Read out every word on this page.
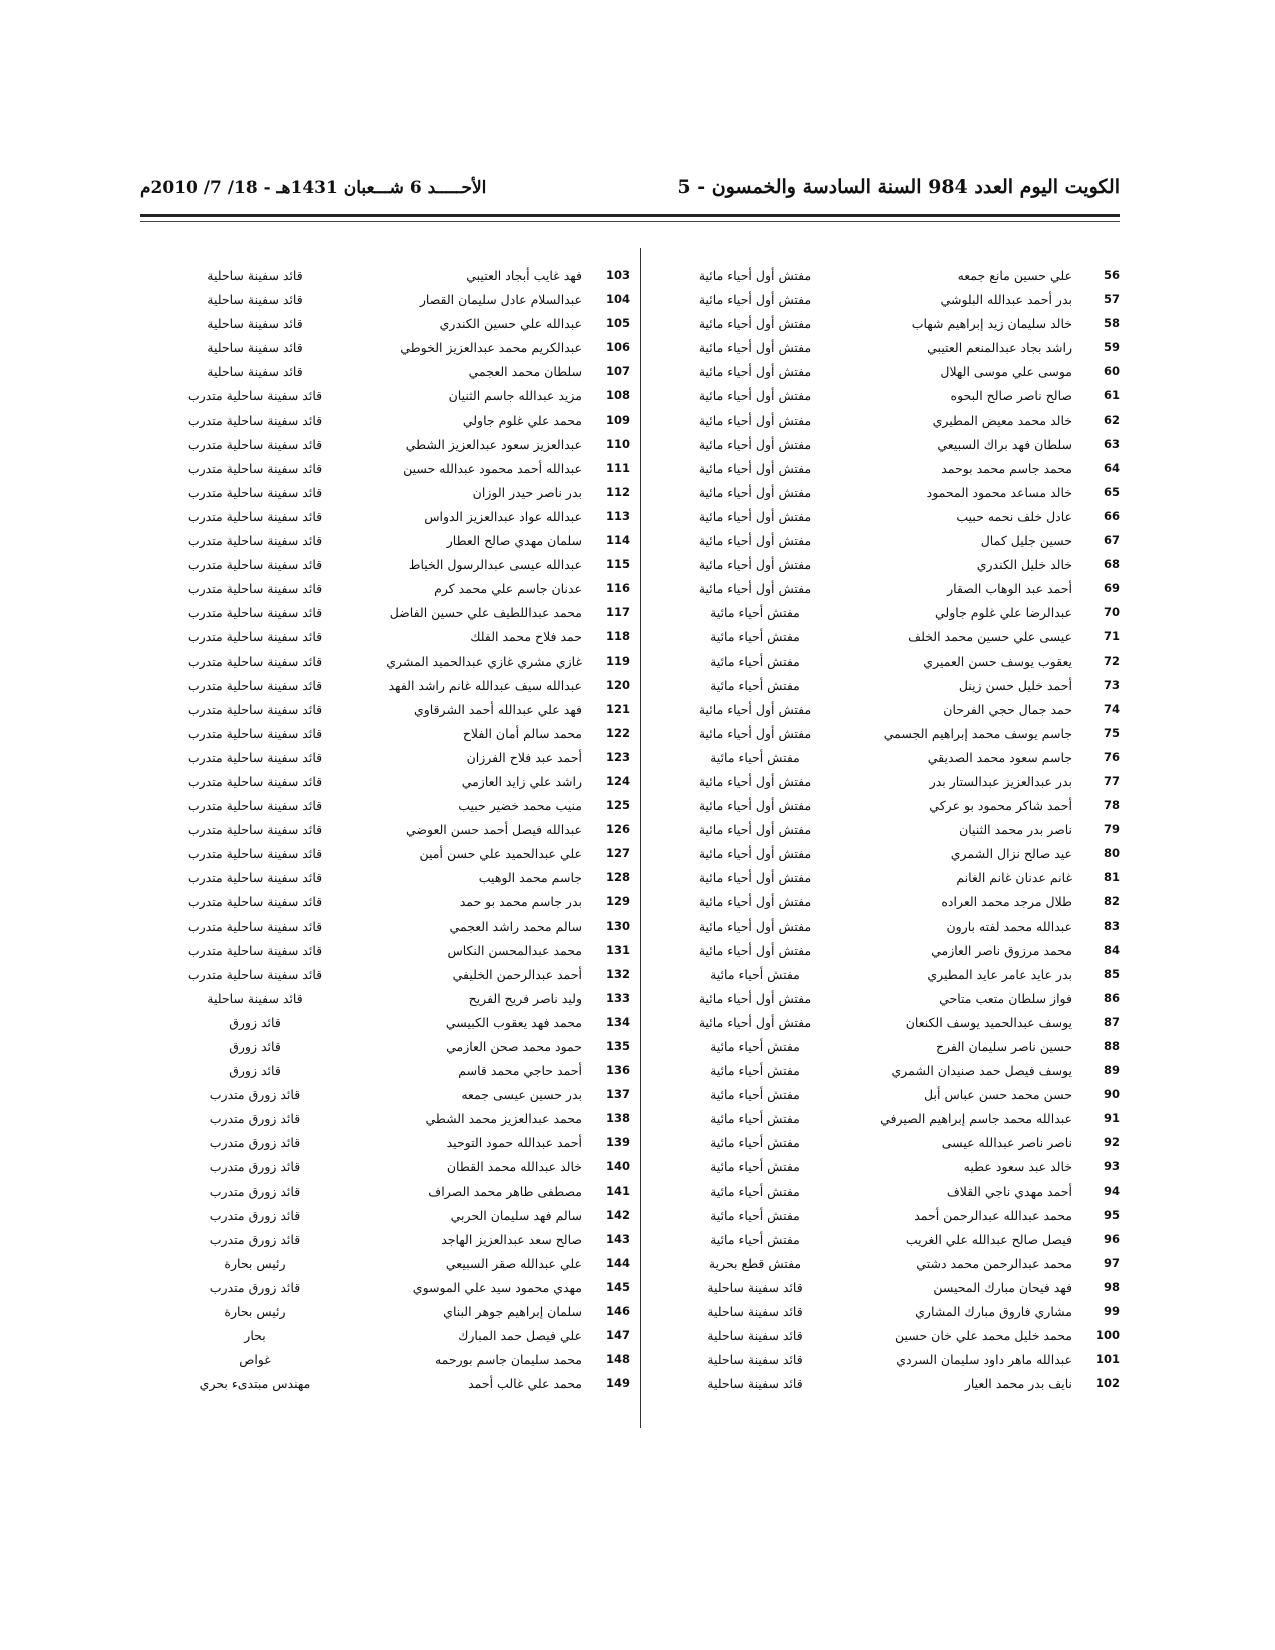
الكويت اليوم العدد 984 السنة السادسة والخمسون - 5
الأحـــــد 6 شـــعبان 1431هـ - 18/ 7/ 2010م
56
علي حسين مانع جمعه
مفتش أول أحياء مائية
57
بدر أحمد عبدالله البلوشي
مفتش أول أحياء مائية
58
خالد سليمان زيد إبراهيم شهاب
مفتش أول أحياء مائية
59
راشد بجاد عبدالمنعم العتيبي
مفتش أول أحياء مائية
60
موسى علي موسى الهلال
مفتش أول أحياء مائية
61
صالح ناصر صالح البحوه
مفتش أول أحياء مائية
62
خالد محمد معيض المطيري
مفتش أول أحياء مائية
63
سلطان فهد براك السبيعي
مفتش أول أحياء مائية
64
محمد جاسم محمد بوحمد
مفتش أول أحياء مائية
65
خالد مساعد محمود المحمود
مفتش أول أحياء مائية
66
عادل خلف نحمه حبيب
مفتش أول أحياء مائية
67
حسين جليل كمال
مفتش أول أحياء مائية
68
خالد خليل الكندري
مفتش أول أحياء مائية
69
أحمد عبد الوهاب الصقار
مفتش أول أحياء مائية
70
عبدالرضا علي غلوم جاولي
مفتش أحياء مائية
71
عيسى علي حسين محمد الخلف
مفتش أحياء مائية
72
يعقوب يوسف حسن العميري
مفتش أحياء مائية
73
أحمد خليل حسن زينل
مفتش أحياء مائية
74
حمد جمال حجي الفرحان
مفتش أول أحياء مائية
75
جاسم يوسف محمد إبراهيم الجسمي
مفتش أول أحياء مائية
76
جاسم سعود محمد الصديقي
مفتش أحياء مائية
77
بدر عبدالعزيز عبدالستار بدر
مفتش أول أحياء مائية
78
أحمد شاكر محمود بو عركي
مفتش أول أحياء مائية
79
ناصر بدر محمد الثنيان
مفتش أول أحياء مائية
80
عيد صالح نزال الشمري
مفتش أول أحياء مائية
81
غانم عدنان غانم الغانم
مفتش أول أحياء مائية
82
طلال مرجد محمد العراده
مفتش أول أحياء مائية
83
عبدالله محمد لفته بارون
مفتش أول أحياء مائية
84
محمد مرزوق ناصر العازمي
مفتش أول أحياء مائية
85
بدر عايد عامر عايد المطيري
مفتش أحياء مائية
86
فواز سلطان متعب متاحي
مفتش أول أحياء مائية
87
يوسف عبدالحميد يوسف الكنعان
مفتش أول أحياء مائية
88
حسين ناصر سليمان الفرج
مفتش أحياء مائية
89
يوسف فيصل حمد صنيدان الشمري
مفتش أحياء مائية
90
حسن محمد حسن عباس أبل
مفتش أحياء مائية
91
عبدالله محمد جاسم إبراهيم الصيرفي
مفتش أحياء مائية
92
ناصر ناصر عبدالله عيسى
مفتش أحياء مائية
93
خالد عبد سعود عطيه
مفتش أحياء مائية
94
أحمد مهدي ناجي القلاف
مفتش أحياء مائية
95
محمد عبدالله عبدالرحمن أحمد
مفتش أحياء مائية
96
فيصل صالح عبدالله علي الغريب
مفتش أحياء مائية
97
محمد عبدالرحمن محمد دشتي
مفتش قطع بحرية
98
فهد فيحان مبارك المحيسن
قائد سفينة ساحلية
99
مشاري فاروق مبارك المشاري
قائد سفينة ساحلية
100
محمد خليل محمد علي خان حسين
قائد سفينة ساحلية
101
عبدالله ماهر داود سليمان السردي
قائد سفينة ساحلية
102
نايف بدر محمد العيار
قائد سفينة ساحلية
103
فهد غايب أبجاد العتيبي
قائد سفينة ساحلية
104
عبدالسلام عادل سليمان القصار
قائد سفينة ساحلية
105
عبدالله علي حسين الكندري
قائد سفينة ساحلية
106
عبدالكريم محمد عبدالعزيز الخوطي
قائد سفينة ساحلية
107
سلطان محمد العجمي
قائد سفينة ساحلية
108
مزيد عبدالله جاسم الثنيان
قائد سفينة ساحلية متدرب
109
محمد علي غلوم جاولي
قائد سفينة ساحلية متدرب
110
عبدالعزيز سعود عبدالعزيز الشطي
قائد سفينة ساحلية متدرب
111
عبدالله أحمد محمود عبدالله حسين
قائد سفينة ساحلية متدرب
112
بدر ناصر حيدر الوزان
قائد سفينة ساحلية متدرب
113
عبدالله عواد عبدالعزيز الدواس
قائد سفينة ساحلية متدرب
114
سلمان مهدي صالح العطار
قائد سفينة ساحلية متدرب
115
عبدالله عيسى عبدالرسول الخياط
قائد سفينة ساحلية متدرب
116
عدنان جاسم علي محمد كرم
قائد سفينة ساحلية متدرب
117
محمد عبداللطيف علي حسين الفاضل
قائد سفينة ساحلية متدرب
118
حمد فلاح محمد الفلك
قائد سفينة ساحلية متدرب
119
غازي مشري غازي عبدالحميد المشري
قائد سفينة ساحلية متدرب
120
عبدالله سيف عبدالله غانم راشد الفهد
قائد سفينة ساحلية متدرب
121
فهد علي عبدالله أحمد الشرقاوي
قائد سفينة ساحلية متدرب
122
محمد سالم أمان الفلاح
قائد سفينة ساحلية متدرب
123
أحمد عبد فلاح الفرزان
قائد سفينة ساحلية متدرب
124
راشد علي زايد العازمي
قائد سفينة ساحلية متدرب
125
منيب محمد خضير حبيب
قائد سفينة ساحلية متدرب
126
عبدالله فيصل أحمد حسن العوضي
قائد سفينة ساحلية متدرب
127
علي عبدالحميد علي حسن أمين
قائد سفينة ساحلية متدرب
128
جاسم محمد الوهيب
قائد سفينة ساحلية متدرب
129
بدر جاسم محمد بو حمد
قائد سفينة ساحلية متدرب
130
سالم محمد راشد العجمي
قائد سفينة ساحلية متدرب
131
محمد عبدالمحسن النكاس
قائد سفينة ساحلية متدرب
132
أحمد عبدالرحمن الخليفي
قائد سفينة ساحلية متدرب
133
وليد ناصر فريح الفريح
قائد سفينة ساحلية
134
محمد فهد يعقوب الكبيسي
قائد زورق
135
حمود محمد صحن العازمي
قائد زورق
136
أحمد حاجي محمد قاسم
قائد زورق
137
بدر حسين عيسى جمعه
قائد زورق متدرب
138
محمد عبدالعزيز محمد الشطي
قائد زورق متدرب
139
أحمد عبدالله حمود التوحيد
قائد زورق متدرب
140
خالد عبدالله محمد القطان
قائد زورق متدرب
141
مصطفى طاهر محمد الصراف
قائد زورق متدرب
142
سالم فهد سليمان الحربي
قائد زورق متدرب
143
صالح سعد عبدالعزيز الهاجد
قائد زورق متدرب
144
علي عبدالله صقر السبيعي
رئيس بحارة
145
مهدي محمود سيد علي الموسوي
قائد زورق متدرب
146
سلمان إبراهيم جوهر البناي
رئيس بحارة
147
علي فيصل حمد المبارك
بحار
148
محمد سليمان جاسم بورحمه
غواص
149
محمد علي غالب أحمد
مهندس مبتدىء بحري
